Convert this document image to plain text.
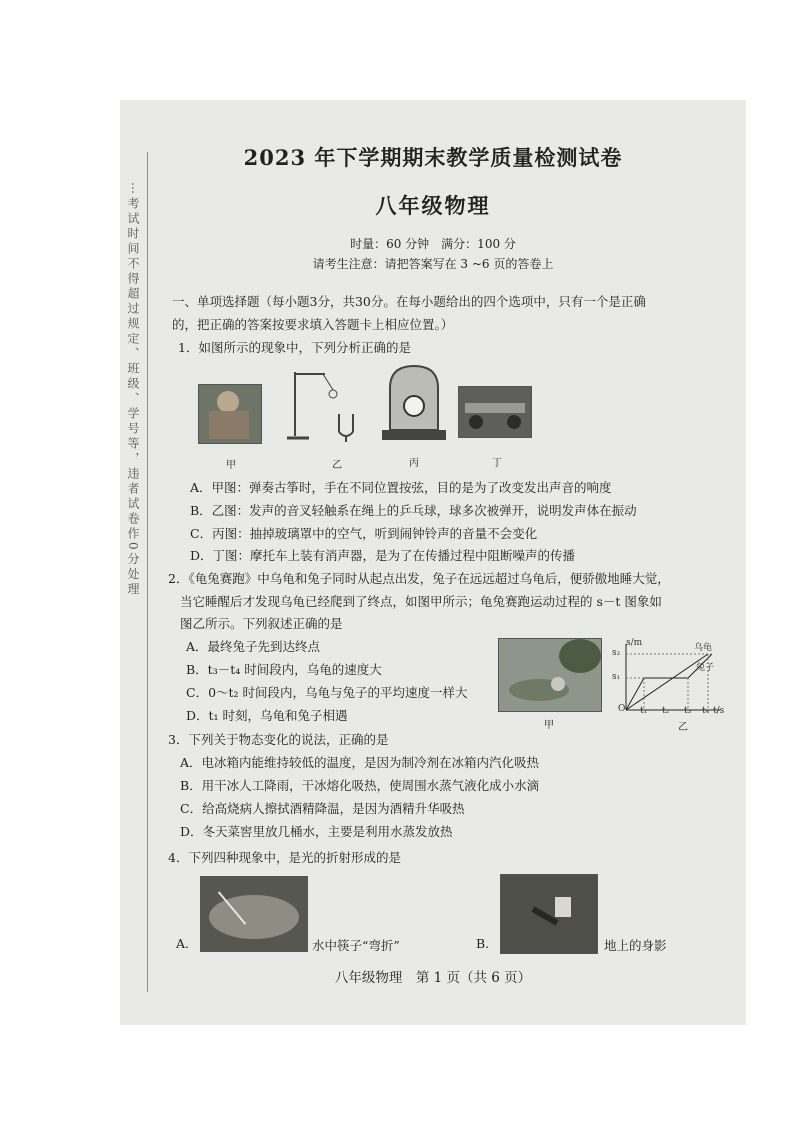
⋯考试时间不得超过规定、班级、学号等，违者试卷作0分处理
2023 年下学期期末教学质量检测试卷
八年级物理
时量：60 分钟　满分：100 分
请考生注意：请把答案写在 3 ~6 页的答卷上
一、单项选择题（每小题3分，共30分。在每小题给出的四个选项中，只有一个是正确
的，把正确的答案按要求填入答题卡上相应位置。）
1．如图所示的现象中，下列分析正确的是
甲	乙	丙	丁
A．甲图：弹奏古筝时，手在不同位置按弦，目的是为了改变发出声音的响度
B．乙图：发声的音叉轻触系在绳上的乒乓球，球多次被弹开，说明发声体在振动
C．丙图：抽掉玻璃罩中的空气，听到闹钟铃声的音量不会变化
D．丁图：摩托车上装有消声器，是为了在传播过程中阻断噪声的传播
2．《龟兔赛跑》中乌龟和兔子同时从起点出发，兔子在远远超过乌龟后，便骄傲地睡大觉，
当它睡醒后才发现乌龟已经爬到了终点，如图甲所示；龟兔赛跑运动过程的 s－t 图象如
图乙所示。下列叙述正确的是
A．最终兔子先到达终点
B．t₃－t₄ 时间段内，乌龟的速度大
C．0～t₂ 时间段内，乌龟与兔子的平均速度一样大
D．t₁ 时刻，乌龟和兔子相遇
甲
s/m
s₂
s₁
O t₁ t₂ t₃ t₄ t/s
乌龟
兔子
乙
3．下列关于物态变化的说法，正确的是
A．电冰箱内能维持较低的温度，是因为制冷剂在冰箱内汽化吸热
B．用干冰人工降雨，干冰熔化吸热，使周围水蒸气液化成小水滴
C．给高烧病人擦拭酒精降温，是因为酒精升华吸热
D．冬天菜窖里放几桶水，主要是利用水蒸发放热
4．下列四种现象中，是光的折射形成的是
A.	水中筷子“弯折”	B.	地上的身影
八年级物理　第 1 页（共 6 页）
